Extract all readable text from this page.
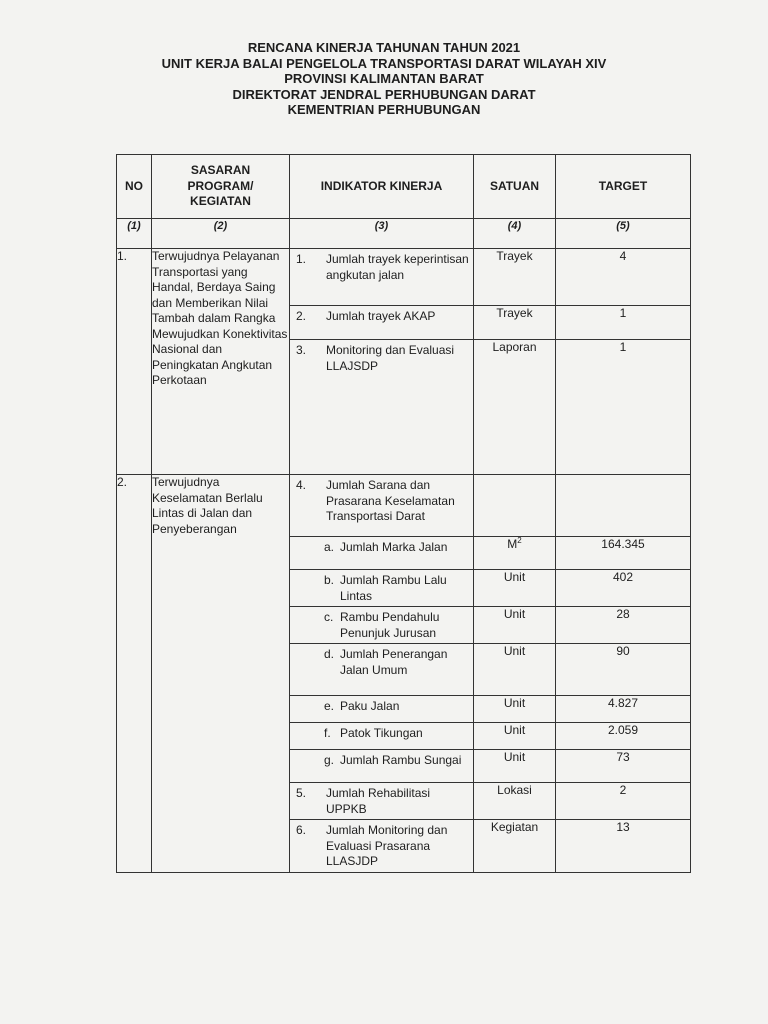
RENCANA KINERJA TAHUNAN TAHUN 2021
UNIT KERJA BALAI PENGELOLA TRANSPORTASI DARAT WILAYAH XIV
PROVINSI KALIMANTAN BARAT
DIREKTORAT JENDRAL PERHUBUNGAN DARAT
KEMENTRIAN PERHUBUNGAN
NO	SASARAN PROGRAM/ KEGIATAN	INDIKATOR KINERJA	SATUAN	TARGET
(1)	(2)	(3)	(4)	(5)
1.	Terwujudnya Pelayanan Transportasi yang Handal, Berdaya Saing dan Memberikan Nilai Tambah dalam Rangka Mewujudkan Konektivitas Nasional dan Peningkatan Angkutan Perkotaan	1. Jumlah trayek keperintisan angkutan jalan	Trayek	4

		2. Jumlah trayek AKAP	Trayek	1

		3. Monitoring dan Evaluasi LLAJSDP	Laporan	1
2.	Terwujudnya Keselamatan Berlalu Lintas di Jalan dan Penyeberangan	4. Jumlah Sarana dan Prasarana Keselamatan Transportasi Darat		

		a. Jumlah Marka Jalan	$M^2$	164.345

		b. Jumlah Rambu Lalu Lintas	Unit	402

		c. Rambu Pendahulu Penunjuk Jurusan	Unit	28

		d. Jumlah Penerangan Jalan Umum	Unit	90

		e. Paku Jalan	Unit	4.827

		f. Patok Tikungan	Unit	2.059

		g. Jumlah Rambu Sungai	Unit	73

		5. Jumlah Rehabilitasi UPPKB	Lokasi	2

		6. Jumlah Monitoring dan Evaluasi Prasarana LLASJDP	Kegiatan	13
